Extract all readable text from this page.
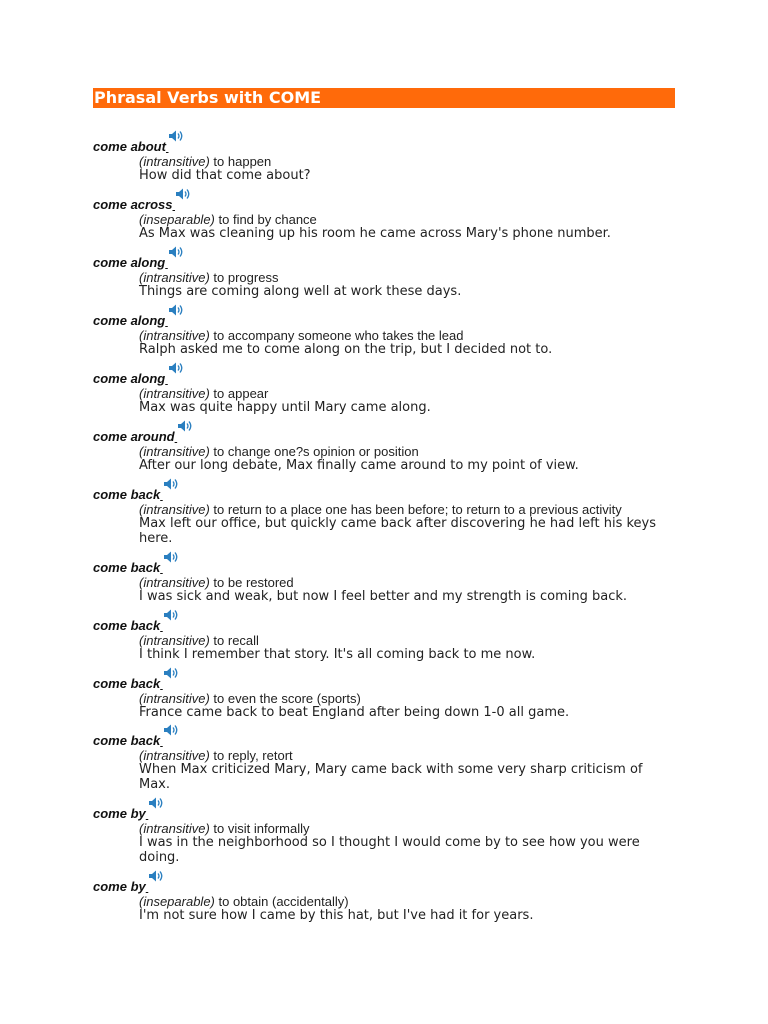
Phrasal Verbs with COME
come about
(intransitive) to happen
How did that come about?
come across
(inseparable) to find by chance
As Max was cleaning up his room he came across Mary's phone number.
come along
(intransitive) to progress
Things are coming along well at work these days.
come along
(intransitive) to accompany someone who takes the lead
Ralph asked me to come along on the trip, but I decided not to.
come along
(intransitive) to appear
Max was quite happy until Mary came along.
come around
(intransitive) to change one?s opinion or position
After our long debate, Max finally came around to my point of view.
come back
(intransitive) to return to a place one has been before; to return to a previous activity
Max left our office, but quickly came back after discovering he had left his keys here.
come back
(intransitive) to be restored
I was sick and weak, but now I feel better and my strength is coming back.
come back
(intransitive) to recall
I think I remember that story. It's all coming back to me now.
come back
(intransitive) to even the score (sports)
France came back to beat England after being down 1-0 all game.
come back
(intransitive) to reply, retort
When Max criticized Mary, Mary came back with some very sharp criticism of Max.
come by
(intransitive) to visit informally
I was in the neighborhood so I thought I would come by to see how you were doing.
come by
(inseparable) to obtain (accidentally)
I'm not sure how I came by this hat, but I've had it for years.
